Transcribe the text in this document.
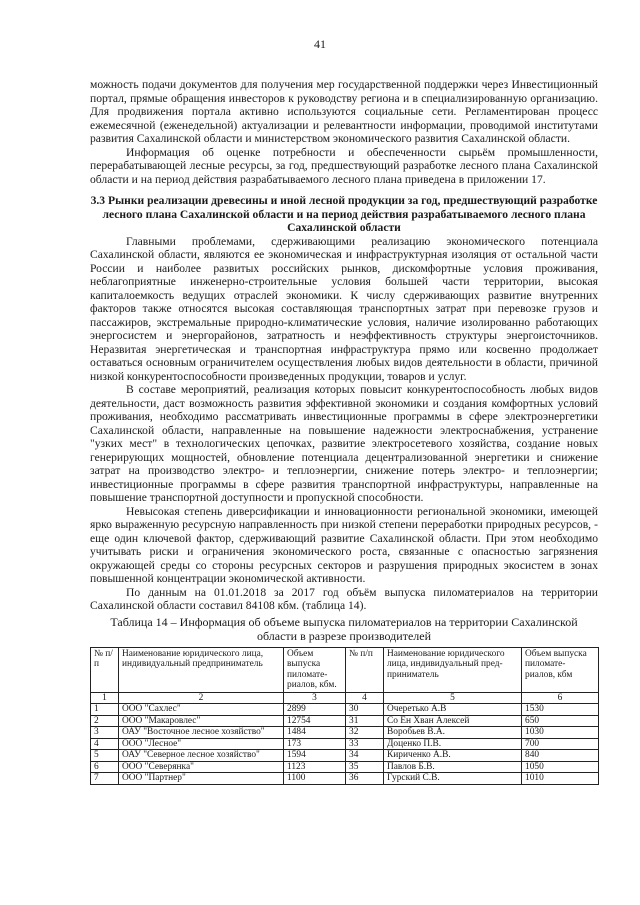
41

можность подачи документов для получения мер государственной поддержки через Инвестиционный портал, прямые обращения инвесторов к руководству региона и в специализированную организацию. Для продвижения портала активно используются социальные сети. Регламентирован процесс ежемесячной (еженедельной) актуализации и релевантности информации, проводимой институтами развития Сахалинской области и министерством экономического развития Сахалинской области.

Информация об оценке потребности и обеспеченности сырьём промышленности, перерабатывающей лесные ресурсы, за год, предшествующий разработке лесного плана Сахалинской области и на период действия разрабатываемого лесного плана приведена в приложении 17.

3.3 Рынки реализации древесины и иной лесной продукции за год, предшествующий разработке лесного плана Сахалинской области и на период действия разрабатываемого лесного плана Сахалинской области

Главными проблемами, сдерживающими реализацию экономического потенциала Сахалинской области, являются ее экономическая и инфраструктурная изоляция от остальной части России и наиболее развитых российских рынков, дискомфортные условия проживания, неблагоприятные инженерно-строительные условия большей части территории, высокая капиталоемкость ведущих отраслей экономики. К числу сдерживающих развитие внутренних факторов также относятся высокая составляющая транспортных затрат при перевозке грузов и пассажиров, экстремальные природно-климатические условия, наличие изолированно работающих энергосистем и энергорайонов, затратность и неэффективность структуры энергоисточников. Неразвитая энергетическая и транспортная инфраструктура прямо или косвенно продолжает оставаться основным ограничителем осуществления любых видов деятельности в области, причиной низкой конкурентоспособности произведенных продукции, товаров и услуг.

В составе мероприятий, реализация которых повысит конкурентоспособность любых видов деятельности, даст возможность развития эффективной экономики и создания комфортных условий проживания, необходимо рассматривать инвестиционные программы в сфере электроэнергетики Сахалинской области, направленные на повышение надежности электроснабжения, устранение "узких мест" в технологических цепочках, развитие электросетевого хозяйства, создание новых генерирующих мощностей, обновление потенциала децентрализованной энергетики и снижение затрат на производство электро- и теплоэнергии, снижение потерь электро- и теплоэнергии; инвестиционные программы в сфере развития транспортной инфраструктуры, направленные на повышение транспортной доступности и пропускной способности.

Невысокая степень диверсификации и инновационности региональной экономики, имеющей ярко выраженную ресурсную направленность при низкой степени переработки природных ресурсов, - еще один ключевой фактор, сдерживающий развитие Сахалинской области. При этом необходимо учитывать риски и ограничения экономического роста, связанные с опасностью загрязнения окружающей среды со стороны ресурсных секторов и разрушения природных экосистем в зонах повышенной концентрации экономической активности.

По данным на 01.01.2018 за 2017 год объём выпуска пиломатериалов на территории Сахалинской области составил 84108 кбм. (таблица 14).

Таблица 14 – Информация об объеме выпуска пиломатериалов на территории Сахалинской области в разрезе производителей

№ п/п	Наименование юридического лица, индивидуальный предприниматель	Объем выпуска пиломате-риалов, кбм.	№ п/п	Наименование юридического лица, индивидуальный пред-приниматель	Объем выпуска пиломате-риалов, кбм
1	2	3	4	5	6
1	ООО "Сахлес"	2899	30	Очеретько А.В	1530
2	ООО "Макаровлес"	12754	31	Со Ен Хван Алексей	650
3	ОАУ "Восточное лесное хозяйство"	1484	32	Воробьев В.А.	1030
4	ООО "Лесное"	173	33	Доценко П.В.	700
5	ОАУ "Северное лесное хозяйство"	1594	34	Кириченко А.В.	840
6	ООО "Северянка"	1123	35	Павлов Б.В.	1050
7	ООО "Партнер"	1100	36	Гурский С.В.	1010
